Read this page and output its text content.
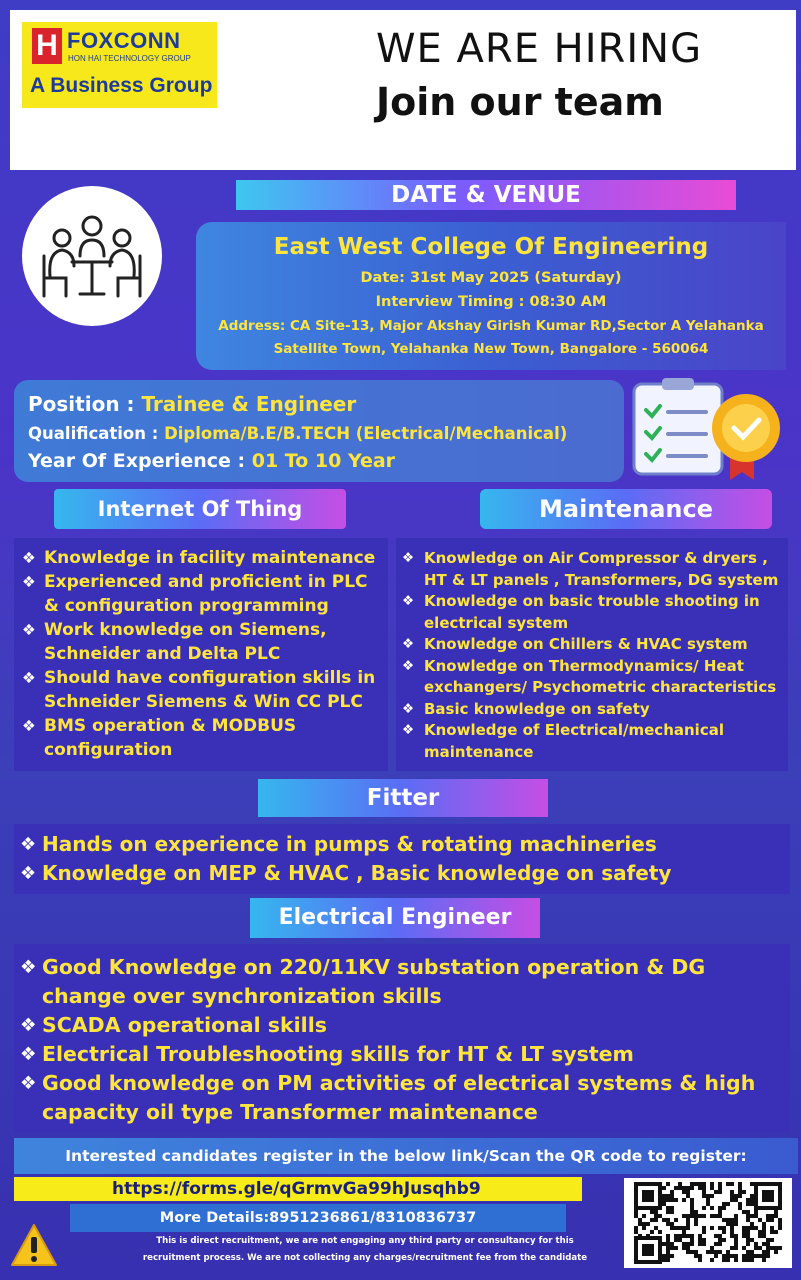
H FOXCONN
HON HAI TECHNOLOGY GROUP
A Business Group
WE ARE HIRING
Join our team
DATE & VENUE
East West College Of Engineering
Date: 31st May 2025 (Saturday)
Interview Timing : 08:30 AM
Address: CA Site-13, Major Akshay Girish Kumar RD,Sector A Yelahanka
Satellite Town, Yelahanka New Town, Bangalore - 560064
Position : Trainee & Engineer
Qualification : Diploma/B.E/B.TECH (Electrical/Mechanical)
Year Of Experience : 01 To 10 Year
Internet Of Thing	Maintenance
❖ Knowledge in facility maintenance
❖ Experienced and proficient in PLC & configuration programming
❖ Work knowledge on Siemens, Schneider and Delta PLC
❖ Should have configuration skills in Schneider Siemens & Win CC PLC
❖ BMS operation & MODBUS configuration
❖ Knowledge on Air Compressor & dryers , HT & LT panels , Transformers, DG system
❖ Knowledge on basic trouble shooting in electrical system
❖ Knowledge on Chillers & HVAC system
❖ Knowledge on Thermodynamics/ Heat exchangers/ Psychometric characteristics
❖ Basic knowledge on safety
❖ Knowledge of Electrical/mechanical maintenance
Fitter
❖ Hands on experience in pumps & rotating machineries
❖ Knowledge on MEP & HVAC , Basic knowledge on safety
Electrical Engineer
❖ Good Knowledge on 220/11KV substation operation & DG change over synchronization skills
❖ SCADA operational skills
❖ Electrical Troubleshooting skills for HT & LT system
❖ Good knowledge on PM activities of electrical systems & high capacity oil type Transformer maintenance
Interested candidates register in the below link/Scan the QR code to register:
https://forms.gle/qGrmvGa99hJusqhb9
More Details:8951236861/8310836737
This is direct recruitment, we are not engaging any third party or consultancy for this
recruitment process. We are not collecting any charges/recruitment fee from the candidate
